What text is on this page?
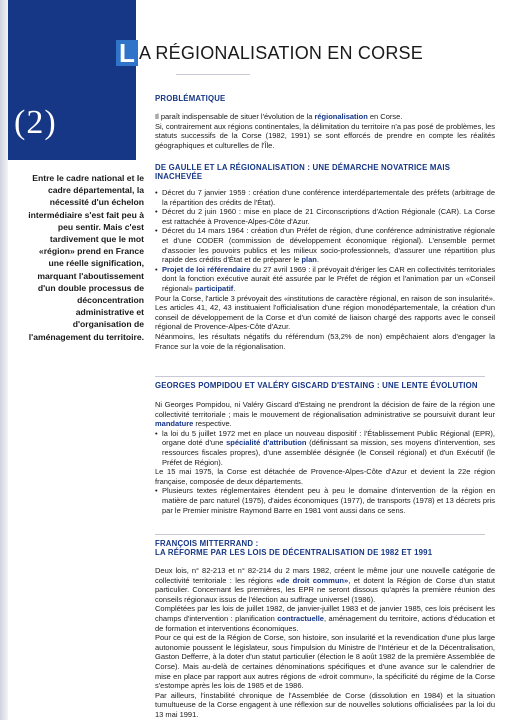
(2)
L A RÉGIONALISATION EN CORSE
Entre le cadre national et le cadre départemental, la nécessité d'un échelon intermédiaire s'est fait peu à peu sentir. Mais c'est tardivement que le mot «région» prend en France une réelle signification, marquant l'aboutissement d'un double processus de déconcentration administrative et d'organisation de l'aménagement du territoire.
PROBLÉMATIQUE
Il paraît indispensable de situer l'évolution de la régionalisation en Corse.
Si, contrairement aux régions continentales, la délimitation du territoire n'a pas posé de problèmes, les statuts successifs de la Corse (1982, 1991) se sont efforcés de prendre en compte les réalités géographiques et culturelles de l'Île.
DE GAULLE ET LA RÉGIONALISATION : UNE DÉMARCHE NOVATRICE MAIS INACHEVÉE
• Décret du 7 janvier 1959 : création d'une conférence interdépartementale des préfets (arbitrage de la répartition des crédits de l'État).
• Décret du 2 juin 1960 : mise en place de 21 Circonscriptions d'Action Régionale (CAR). La Corse est rattachée à Provence-Alpes-Côte d'Azur.
• Décret du 14 mars 1964 : création d'un Préfet de région, d'une conférence administrative régionale et d'une CODER (commission de développement économique régional). L'ensemble permet d'associer les pouvoirs publics et les milieux socio-professionnels, d'assurer une répartition plus rapide des crédits d'État et de préparer le plan.
• Projet de loi référendaire du 27 avril 1969 : il prévoyait d'ériger les CAR en collectivités territoriales dont la fonction exécutive aurait été assurée par le Préfet de région et l'animation par un «Conseil régional» participatif.
Pour la Corse, l'article 3 prévoyait des «institutions de caractère régional, en raison de son insularité». Les articles 41, 42, 43 instituaient l'officialisation d'une région monodépartementale, la création d'un conseil de développement de la Corse et d'un comité de liaison chargé des rapports avec le conseil régional de Provence-Alpes-Côte d'Azur.
Néanmoins, les résultats négatifs du référendum (53,2% de non) empêchaient alors d'engager la France sur la voie de la régionalisation.
GEORGES POMPIDOU ET VALÉRY GISCARD D'ESTAING : UNE LENTE ÉVOLUTION
Ni Georges Pompidou, ni Valéry Giscard d'Estaing ne prendront la décision de faire de la région une collectivité territoriale ; mais le mouvement de régionalisation administrative se poursuivit durant leur mandature respective.
• la loi du 5 juillet 1972 met en place un nouveau dispositif : l'Établissement Public Régional (EPR), organe doté d'une spécialité d'attribution (définissant sa mission, ses moyens d'intervention, ses ressources fiscales propres), d'une assemblée désignée (le Conseil régional) et d'un Exécutif (le Préfet de Région).
Le 15 mai 1975, la Corse est détachée de Provence-Alpes-Côte d'Azur et devient la 22e région française, composée de deux départements.
• Plusieurs textes réglementaires étendent peu à peu le domaine d'intervention de la région en matière de parc naturel (1975), d'aides économiques (1977), de transports (1978) et 13 décrets pris par le Premier ministre Raymond Barre en 1981 vont aussi dans ce sens.
FRANÇOIS MITTERRAND :
LA RÉFORME PAR LES LOIS DE DÉCENTRALISATION DE 1982 ET 1991
Deux lois, n° 82-213 et n° 82-214 du 2 mars 1982, créent le même jour une nouvelle catégorie de collectivité territoriale : les régions «de droit commun», et dotent la Région de Corse d'un statut particulier. Concernant les premières, les EPR ne seront dissous qu'après la première réunion des conseils régionaux issus de l'élection au suffrage universel (1986).
Complétées par les lois de juillet 1982, de janvier-juillet 1983 et de janvier 1985, ces lois précisent les champs d'intervention : planification contractuelle, aménagement du territoire, actions d'éducation et de formation et interventions économiques.
Pour ce qui est de la Région de Corse, son histoire, son insularité et la revendication d'une plus large autonomie poussent le législateur, sous l'impulsion du Ministre de l'Intérieur et de la Décentralisation, Gaston Defferre, à la doter d'un statut particulier (élection le 8 août 1982 de la première Assemblée de Corse). Mais au-delà de certaines dénominations spécifiques et d'une avance sur le calendrier de mise en place par rapport aux autres régions de «droit commun», la spécificité du régime de la Corse s'estompe après les lois de 1985 et de 1986.
Par ailleurs, l'instabilité chronique de l'Assemblée de Corse (dissolution en 1984) et la situation tumultueuse de la Corse engagent à une réflexion sur de nouvelles solutions officialisées par la loi du 13 mai 1991.
